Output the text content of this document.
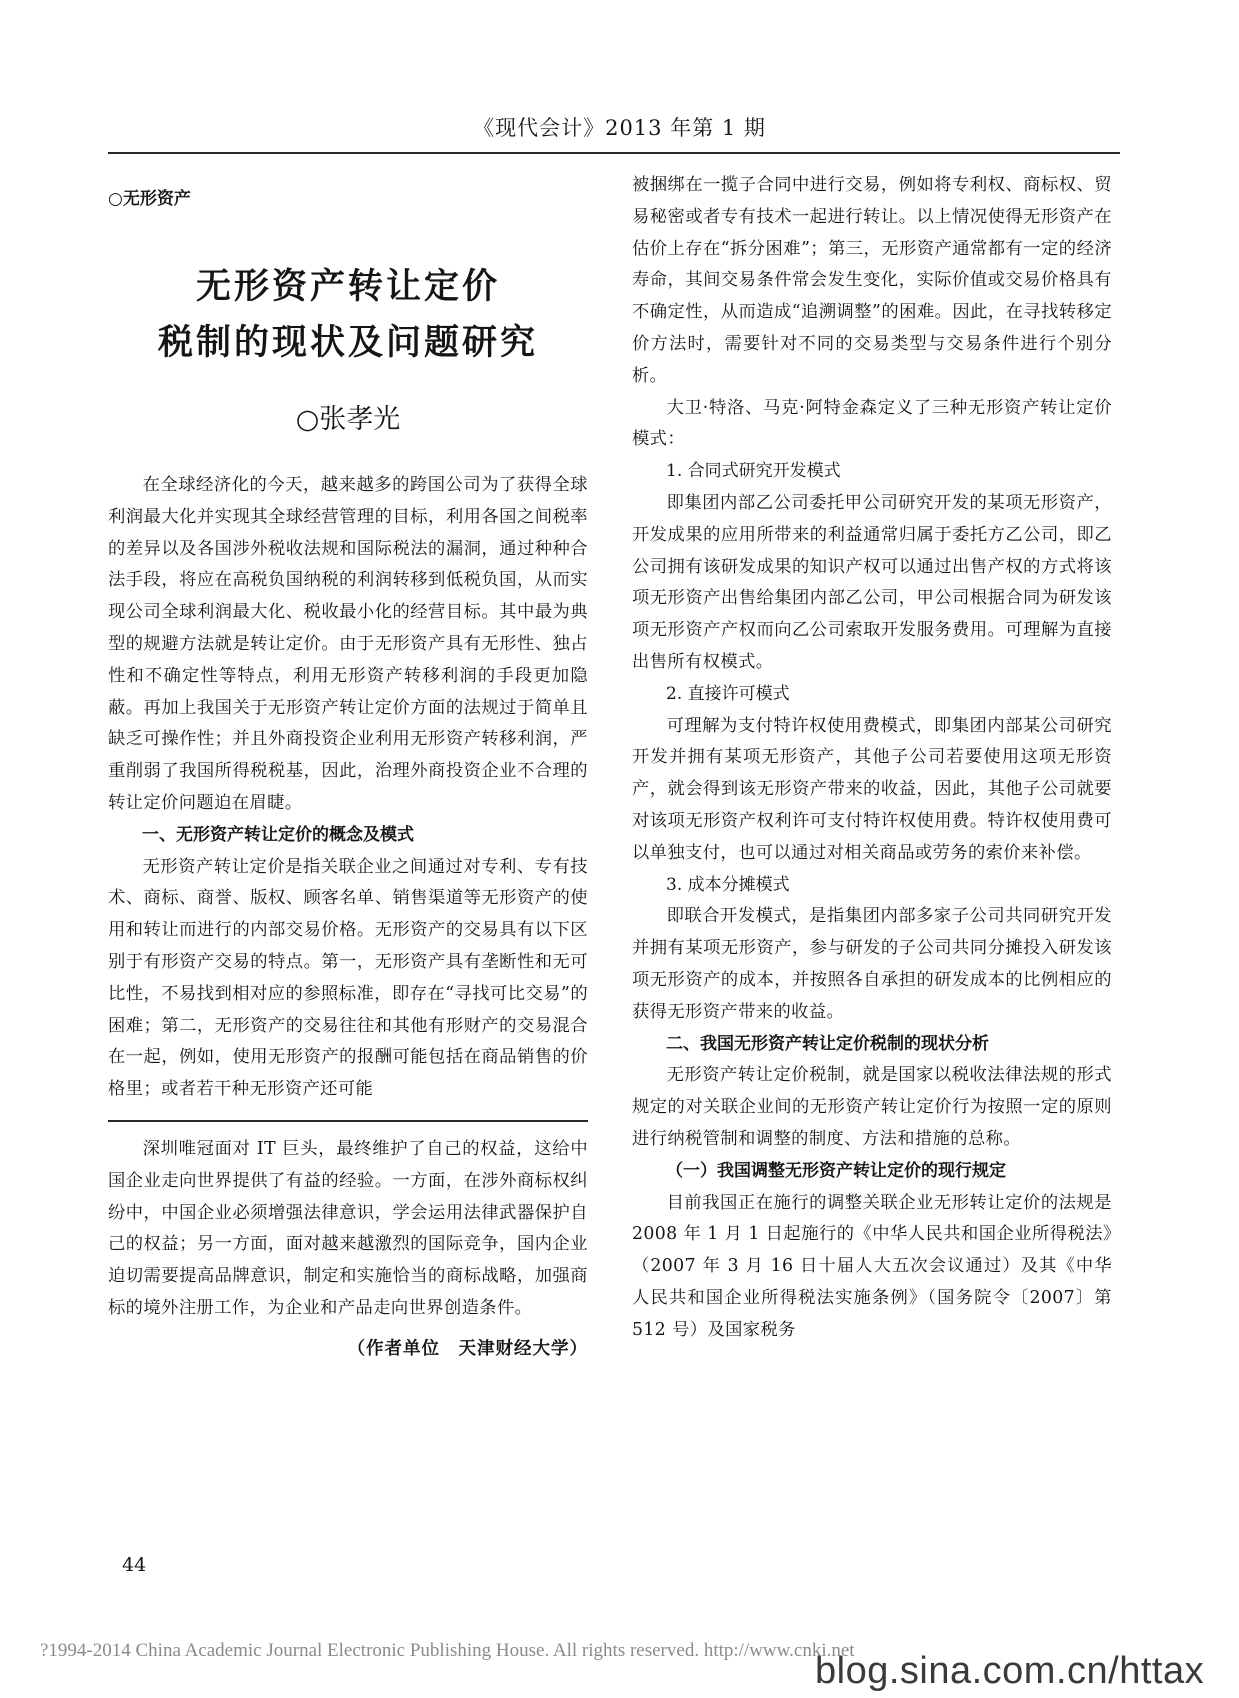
《现代会计》2013 年第 1 期
○无形资产
无形资产转让定价
税制的现状及问题研究
○张孝光

在全球经济化的今天，越来越多的跨国公司为了获得全球利润最大化并实现其全球经营管理的目标，利用各国之间税率的差异以及各国涉外税收法规和国际税法的漏洞，通过种种合法手段，将应在高税负国纳税的利润转移到低税负国，从而实现公司全球利润最大化、税收最小化的经营目标。其中最为典型的规避方法就是转让定价。由于无形资产具有无形性、独占性和不确定性等特点，利用无形资产转移利润的手段更加隐蔽。再加上我国关于无形资产转让定价方面的法规过于简单且缺乏可操作性；并且外商投资企业利用无形资产转移利润，严重削弱了我国所得税税基，因此，治理外商投资企业不合理的转让定价问题迫在眉睫。

一、无形资产转让定价的概念及模式

无形资产转让定价是指关联企业之间通过对专利、专有技术、商标、商誉、版权、顾客名单、销售渠道等无形资产的使用和转让而进行的内部交易价格。无形资产的交易具有以下区别于有形资产交易的特点。第一，无形资产具有垄断性和无可比性，不易找到相对应的参照标准，即存在“寻找可比交易”的困难；第二，无形资产的交易往往和其他有形财产的交易混合在一起，例如，使用无形资产的报酬可能包括在商品销售的价格里；或者若干种无形资产还可能

深圳唯冠面对 IT 巨头，最终维护了自己的权益，这给中国企业走向世界提供了有益的经验。一方面，在涉外商标权纠纷中，中国企业必须增强法律意识，学会运用法律武器保护自己的权益；另一方面，面对越来越激烈的国际竞争，国内企业迫切需要提高品牌意识，制定和实施恰当的商标战略，加强商标的境外注册工作，为企业和产品走向世界创造条件。

（作者单位　天津财经大学）

被捆绑在一揽子合同中进行交易，例如将专利权、商标权、贸易秘密或者专有技术一起进行转让。以上情况使得无形资产在估价上存在“拆分困难”；第三，无形资产通常都有一定的经济寿命，其间交易条件常会发生变化，实际价值或交易价格具有不确定性，从而造成“追溯调整”的困难。因此，在寻找转移定价方法时，需要针对不同的交易类型与交易条件进行个别分析。

大卫·特洛、马克·阿特金森定义了三种无形资产转让定价模式：

1. 合同式研究开发模式

即集团内部乙公司委托甲公司研究开发的某项无形资产，开发成果的应用所带来的利益通常归属于委托方乙公司，即乙公司拥有该研发成果的知识产权可以通过出售产权的方式将该项无形资产出售给集团内部乙公司，甲公司根据合同为研发该项无形资产产权而向乙公司索取开发服务费用。可理解为直接出售所有权模式。

2. 直接许可模式

可理解为支付特许权使用费模式，即集团内部某公司研究开发并拥有某项无形资产，其他子公司若要使用这项无形资产，就会得到该无形资产带来的收益，因此，其他子公司就要对该项无形资产权利许可支付特许权使用费。特许权使用费可以单独支付，也可以通过对相关商品或劳务的索价来补偿。

3. 成本分摊模式

即联合开发模式，是指集团内部多家子公司共同研究开发并拥有某项无形资产，参与研发的子公司共同分摊投入研发该项无形资产的成本，并按照各自承担的研发成本的比例相应的获得无形资产带来的收益。

二、我国无形资产转让定价税制的现状分析

无形资产转让定价税制，就是国家以税收法律法规的形式规定的对关联企业间的无形资产转让定价行为按照一定的原则进行纳税管制和调整的制度、方法和措施的总称。

（一）我国调整无形资产转让定价的现行规定

目前我国正在施行的调整关联企业无形转让定价的法规是 2008 年 1 月 1 日起施行的《中华人民共和国企业所得税法》（2007 年 3 月 16 日十届人大五次会议通过）及其《中华人民共和国企业所得税法实施条例》（国务院令〔2007〕第 512 号）及国家税务

44
?1994-2014 China Academic Journal Electronic Publishing House. All rights reserved. http://www.cnki.net
blog.sina.com.cn/httax
